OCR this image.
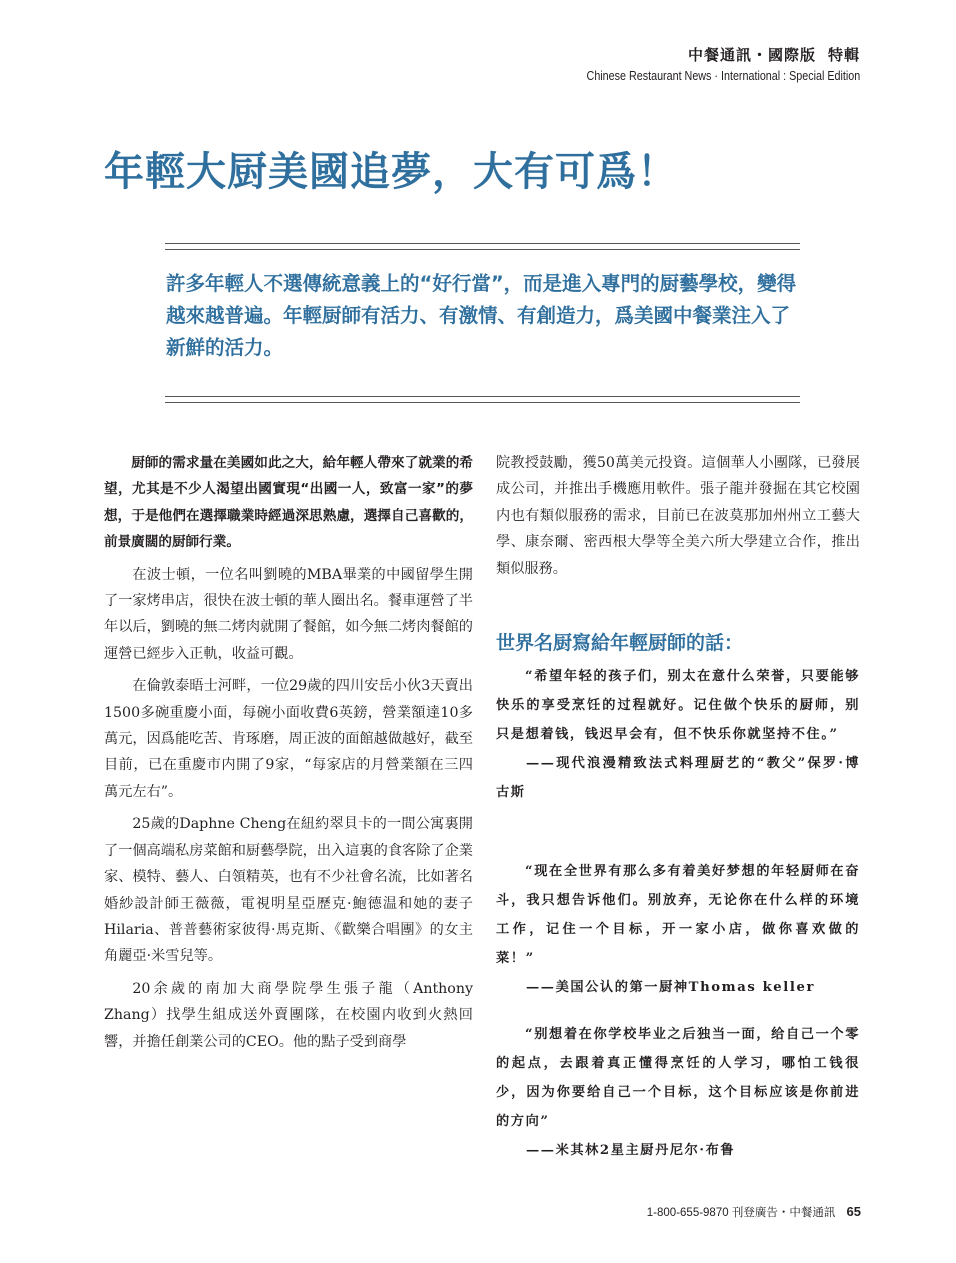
中餐通訊・國際版 特輯
Chinese Restaurant News · International : Special Edition
年輕大厨美國追夢，大有可爲！

許多年輕人不選傳統意義上的“好行當”，而是進入專門的厨藝學校，變得越來越普遍。年輕厨師有活力、有激情、有創造力，爲美國中餐業注入了新鮮的活力。

厨師的需求量在美國如此之大，給年輕人帶來了就業的希望，尤其是不少人渴望出國實現“出國一人，致富一家”的夢想，于是他們在選擇職業時經過深思熟慮，選擇自己喜歡的，前景廣闊的厨師行業。

在波士頓，一位名叫劉曉的MBA畢業的中國留學生開了一家烤串店，很快在波士頓的華人圈出名。餐車運營了半年以后，劉曉的無二烤肉就開了餐館，如今無二烤肉餐館的運營已經步入正軌，收益可觀。

在倫敦泰晤士河畔，一位29歲的四川安岳小伙3天賣出1500多碗重慶小面，每碗小面收費6英鎊，營業額達10多萬元，因爲能吃苦、肯琢磨，周正波的面館越做越好，截至目前，已在重慶市内開了9家，“每家店的月營業額在三四萬元左右”。

25歲的Daphne Cheng在紐約翠貝卡的一間公寓裏開了一個高端私房菜館和厨藝學院，出入這裏的食客除了企業家、模特、藝人、白領精英，也有不少社會名流，比如著名婚紗設計師王薇薇，電視明星亞歷克·鮑德温和她的妻子Hilaria、普普藝術家彼得·馬克斯、《歡樂合唱團》的女主角麗亞·米雪兒等。

20余歲的南加大商學院學生張子龍（Anthony Zhang）找學生組成送外賣團隊，在校園内收到火熱回響，并擔任創業公司的CEO。他的點子受到商學

院教授鼓勵，獲50萬美元投資。這個華人小團隊，已發展成公司，并推出手機應用軟件。張子龍并發掘在其它校園内也有類似服務的需求，目前已在波莫那加州州立工藝大學、康奈爾、密西根大學等全美六所大學建立合作，推出類似服務。

世界名厨寫給年輕厨師的話：

“希望年轻的孩子们，别太在意什么荣誉，只要能够快乐的享受烹饪的过程就好。记住做个快乐的厨师，别只是想着钱，钱迟早会有，但不快乐你就坚持不住。”

——现代浪漫精致法式料理厨艺的“教父”保罗·博古斯

“现在全世界有那么多有着美好梦想的年轻厨师在奋斗，我只想告诉他们。别放弃，无论你在什么样的环境工作，记住一个目标，开一家小店，做你喜欢做的菜！”

——美国公认的第一厨神Thomas keller

“别想着在你学校毕业之后独当一面，给自己一个零的起点，去跟着真正懂得烹饪的人学习，哪怕工钱很少，因为你要给自己一个目标，这个目标应该是你前进的方向”

——米其林2星主厨丹尼尔·布鲁

1-800-655-9870 刊登廣告・中餐通訊 65
